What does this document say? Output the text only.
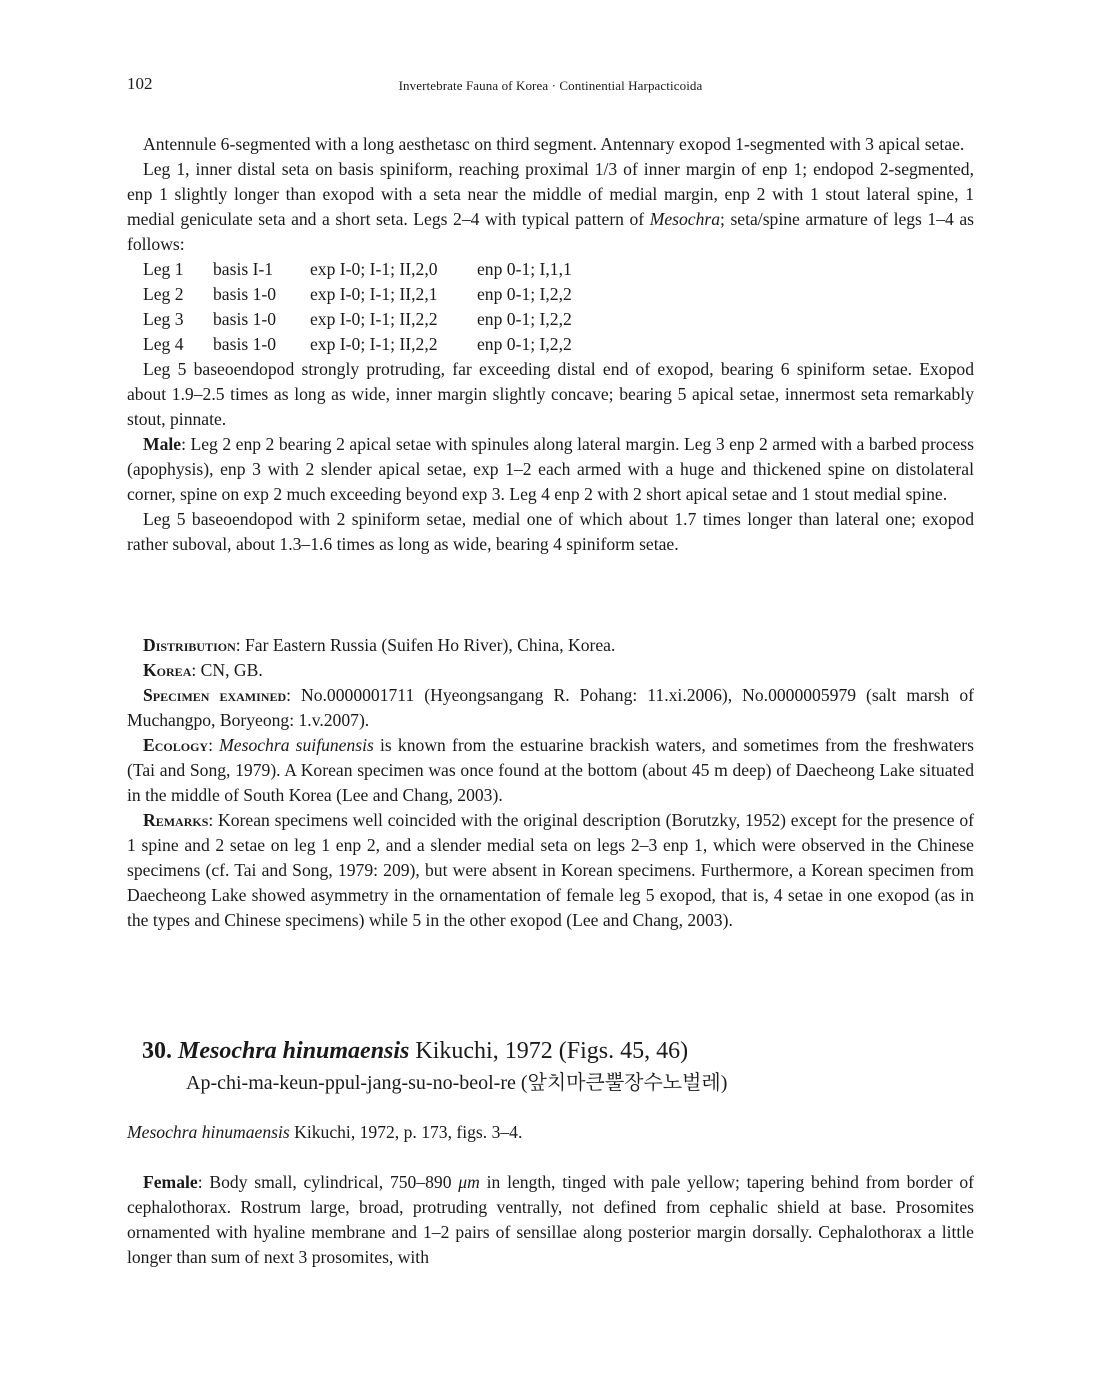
102	Invertebrate Fauna of Korea · Continential Harpacticoida

Antennule 6-segmented with a long aesthetasc on third segment. Antennary exopod 1-segmented with 3 apical setae.

Leg 1, inner distal seta on basis spiniform, reaching proximal 1/3 of inner margin of enp 1; endopod 2-segmented, enp 1 slightly longer than exopod with a seta near the middle of medial margin, enp 2 with 1 stout lateral spine, 1 medial geniculate seta and a short seta. Legs 2–4 with typical pattern of Mesochra; seta/spine armature of legs 1–4 as follows:

Leg 1	basis I-1	exp I-0; I-1; II,2,0	enp 0-1; I,1,1
Leg 2	basis 1-0	exp I-0; I-1; II,2,1	enp 0-1; I,2,2
Leg 3	basis 1-0	exp I-0; I-1; II,2,2	enp 0-1; I,2,2
Leg 4	basis 1-0	exp I-0; I-1; II,2,2	enp 0-1; I,2,2

Leg 5 baseoendopod strongly protruding, far exceeding distal end of exopod, bearing 6 spiniform setae. Exopod about 1.9–2.5 times as long as wide, inner margin slightly concave; bearing 5 apical setae, innermost seta remarkably stout, pinnate.

Male: Leg 2 enp 2 bearing 2 apical setae with spinules along lateral margin. Leg 3 enp 2 armed with a barbed process (apophysis), enp 3 with 2 slender apical setae, exp 1–2 each armed with a huge and thickened spine on distolateral corner, spine on exp 2 much exceeding beyond exp 3. Leg 4 enp 2 with 2 short apical setae and 1 stout medial spine.

Leg 5 baseoendopod with 2 spiniform setae, medial one of which about 1.7 times longer than lateral one; exopod rather suboval, about 1.3–1.6 times as long as wide, bearing 4 spiniform setae.

Distribution: Far Eastern Russia (Suifen Ho River), China, Korea.

Korea: CN, GB.

Specimen examined: No.0000001711 (Hyeongsangang R. Pohang: 11.xi.2006), No.0000005979 (salt marsh of Muchangpo, Boryeong: 1.v.2007).

Ecology: Mesochra suifunensis is known from the estuarine brackish waters, and sometimes from the freshwaters (Tai and Song, 1979). A Korean specimen was once found at the bottom (about 45 m deep) of Daecheong Lake situated in the middle of South Korea (Lee and Chang, 2003).

Remarks: Korean specimens well coincided with the original description (Borutzky, 1952) except for the presence of 1 spine and 2 setae on leg 1 enp 2, and a slender medial seta on legs 2–3 enp 1, which were observed in the Chinese specimens (cf. Tai and Song, 1979: 209), but were absent in Korean specimens. Furthermore, a Korean specimen from Daecheong Lake showed asymmetry in the ornamentation of female leg 5 exopod, that is, 4 setae in one exopod (as in the types and Chinese specimens) while 5 in the other exopod (Lee and Chang, 2003).

30. Mesochra hinumaensis Kikuchi, 1972 (Figs. 45, 46)
Ap-chi-ma-keun-ppul-jang-su-no-beol-re (앞치마큰뿔장수노벌레)
Mesochra hinumaensis Kikuchi, 1972, p. 173, figs. 3–4.

Female: Body small, cylindrical, 750–890 μm in length, tinged with pale yellow; tapering behind from border of cephalothorax. Rostrum large, broad, protruding ventrally, not defined from cephalic shield at base. Prosomites ornamented with hyaline membrane and 1–2 pairs of sensillae along posterior margin dorsally. Cephalothorax a little longer than sum of next 3 prosomites, with
